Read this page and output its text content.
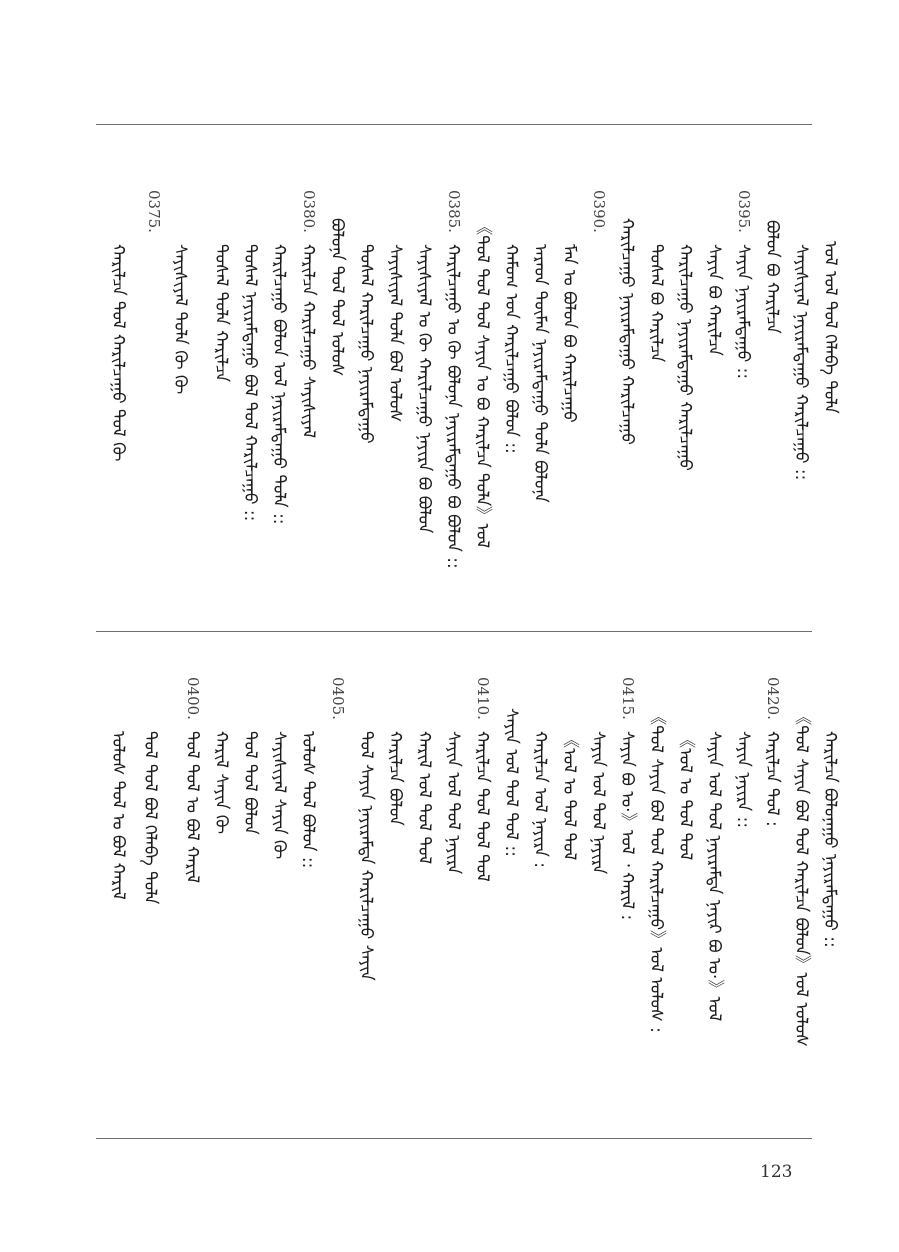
ᠤᠯ ᠤᠯ ᠲᠤᠯ ᠬᠡᠯᠡᠪᠡ ᠲᠤᠯᠠ
ᠰᠠᠶᠢᠰᠢᠶᠠᠯ ᠨᠠᠶᠢᠷᠠᠮᠳᠠᠭᠤ ᠬᠠᠷᠢᠯᠴᠠᠭᠤ ::
ᠪᠣᠯᠤᠨ ᠪᠣ ᠬᠠᠷᠢᠯᠴᠠ
ᠰᠠᠶᠢᠨ ᠨᠠᠶᠢᠷᠠᠮᠳᠠᠭᠤ ::
ᠰᠠᠶᠢᠨ ᠪᠣ ᠬᠠᠷᠢᠯᠴᠠ
ᠬᠠᠷᠢᠯᠴᠠᠭᠤ ᠨᠠᠶᠢᠷᠠᠮᠳᠠᠭᠤ ᠬᠠᠷᠢᠯᠴᠠᠭᠤ
ᠲᠤᠰᠠᠯ ᠪᠣ ᠬᠠᠷᠢᠯᠴᠠ
ᠬᠠᠷᠢᠯᠴᠠᠭᠤ ᠨᠠᠶᠢᠷᠠᠮᠳᠠᠭᠤ ᠬᠠᠷᠢᠯᠴᠠᠭᠤ
ᠮᠠᠨ ᠤ ᠪᠣᠯᠤᠨ ᠪᠣ ᠬᠠᠷᠢᠯᠴᠠᠭᠤ
ᠠᠷᠠᠳ ᠲᠦᠮᠡᠨ ᠨᠠᠶᠢᠷᠠᠮᠳᠠᠭᠤ ᠲᠤᠯᠠ ᠪᠣᠯᠤᠨᠠ
ᠬᠠᠮᠤᠭ ᠤᠨ ᠬᠠᠷᠢᠯᠴᠠᠭᠤ ᠪᠣᠯᠤᠨ ::
《ᠲᠤᠯ ᠲᠤᠯ ᠲᠤᠯ ᠰᠠᠶᠢᠨ ᠤ ᠪᠣ ᠬᠠᠷᠢᠯᠴᠠ ᠲᠤᠯᠠ》ᠤᠯ
ᠬᠠᠷᠢᠯᠴᠠᠭᠤ ᠤ ᠬᠦ ᠪᠣᠯᠤᠨᠠ ᠨᠠᠶᠢᠷᠠᠮᠳᠠᠭᠤ ᠪᠣ ᠪᠣᠯᠤᠨ ::
ᠰᠠᠶᠢᠰᠢᠶᠠᠯ ᠤ ᠬᠦ ᠬᠠᠷᠢᠯᠴᠠᠭᠤ ᠨᠠᠶᠢᠷᠠ ᠪᠣ ᠪᠣᠯᠤᠨ
ᠰᠠᠶᠢᠰᠢᠶᠠᠯ ᠲᠤᠯᠠ ᠪᠣᠯ ᠤᠯᠤᠰ
ᠲᠤᠰᠠᠯ ᠬᠠᠷᠢᠯᠴᠠᠭᠤ ᠨᠠᠶᠢᠷᠠᠮᠳᠠᠭᠤ
ᠪᠣᠯᠤᠨᠠ ᠲᠤᠯ ᠲᠤᠯ ᠤᠯᠤᠰ
ᠬᠠᠷᠢᠯᠴᠠ ᠬᠠᠷᠢᠯᠴᠠᠭᠤ ᠰᠠᠶᠢᠰᠢᠶᠠᠯ
ᠬᠠᠷᠢᠯᠴᠠᠭᠤ ᠪᠣᠯᠤᠨ ᠤᠯ ᠨᠠᠶᠢᠷᠠᠮᠳᠠᠭᠤ ᠲᠤᠯᠠ ::
ᠲᠤᠰᠠᠯ ᠨᠠᠶᠢᠷᠠᠮᠳᠠᠭᠤ ᠪᠣᠯ ᠲᠤᠯ ᠬᠠᠷᠢᠯᠴᠠᠭᠤ ::
ᠲᠤᠰᠠᠯ ᠲᠤᠯᠠ ᠬᠠᠷᠢᠯᠴᠠ
ᠰᠠᠶᠢᠰᠢᠶᠠᠯ ᠲᠤᠯᠠ ᠬᠦ ᠬᠦ
ᠬᠠᠷᠢᠯᠴᠠ ᠲᠤᠯ ᠬᠠᠷᠢᠯᠴᠠᠭᠤ ᠲᠤᠯ ᠬᠦ
0395.
0390.
0385.
0380.
0375.
ᠬᠠᠷᠢᠯᠴᠠ ᠪᠣᠯᠤᠨᠠᠭᠤ ᠨᠠᠶᠢᠷᠠᠮᠳᠠᠭᠤ ::
《ᠲᠤᠯ ᠰᠠᠶᠢᠨ ᠪᠣᠯ ᠲᠤᠯ ᠬᠠᠷᠢᠯᠴᠠ ᠪᠣᠯᠤᠨ》ᠤᠯ ᠤᠯᠤᠰ
ᠬᠠᠷᠢᠯᠴᠠ ᠲᠤᠯ :
ᠰᠠᠶᠢᠨ ᠨᠠᠶᠢᠷᠠ ::
ᠰᠠᠶᠢᠨ ᠤᠯ ᠲᠤᠯ ᠨᠠᠶᠢᠷᠠᠮᠳᠠ ᠨᠠᠶᠢᠷ ᠪᠣ ᠤ·》ᠤᠯ
《ᠤᠯ ᠤ ᠲᠤᠯ ᠲᠤᠯ
《ᠲᠤᠯ ᠰᠠᠶᠢᠨ ᠪᠣᠯ ᠲᠤᠯ ᠬᠠᠷᠢᠯᠴᠠᠭᠤ》ᠤᠯ ᠤᠯᠤᠰ :
ᠰᠠᠶᠢᠨ ᠪᠣ ᠤ·》ᠤᠯ ᠂ ᠬᠠᠷᠢᠯ :
ᠰᠠᠶᠢᠨ ᠤᠯ ᠲᠤᠯ ᠨᠠᠶᠢᠷᠠ
《ᠤᠯ ᠤ ᠲᠤᠯ ᠲᠤᠯ
ᠬᠠᠷᠢᠯᠴᠠ ᠤᠯ ᠨᠠᠶᠢᠷᠠ :
ᠰᠠᠶᠢᠨ ᠤᠯ ᠲᠤᠯ ᠲᠤᠯ ::
ᠬᠠᠷᠢᠯᠴᠠ ᠲᠤᠯ ᠲᠤᠯ ᠲᠤᠯ
ᠰᠠᠶᠢᠨ ᠤᠯ ᠲᠤᠯ ᠨᠠᠶᠢᠷᠠ
ᠬᠠᠷᠢᠯ ᠤᠯ ᠲᠤᠯ ᠲᠤᠯ
ᠬᠠᠷᠢᠯᠴᠠ ᠪᠣᠯᠤᠨ
ᠲᠤᠯ ᠰᠠᠶᠢᠨ ᠨᠠᠶᠢᠷᠠᠮᠳᠠ ᠬᠠᠷᠢᠯᠴᠠᠭᠤ ᠰᠠᠶᠢᠨ
ᠤᠯᠤᠰ ᠲᠤᠯ ᠪᠣᠯᠤᠨ ::
ᠰᠠᠶᠢᠰᠢᠶᠠᠯ ᠰᠠᠶᠢᠨ ᠬᠦ
ᠲᠤᠯ ᠲᠤᠯ ᠪᠣᠯᠤᠨ
ᠬᠠᠷᠢᠯ ᠰᠠᠶᠢᠨ ᠬᠦ
ᠲᠤᠯ ᠲᠤᠯ ᠤ ᠪᠣᠯ ᠬᠠᠷᠢᠯ
ᠲᠤᠯ ᠲᠤᠯ ᠪᠣᠯ ᠬᠡᠯᠡᠪᠡ ᠲᠤᠯᠠ
ᠤᠯᠤᠰ ᠲᠤᠯ ᠤ ᠪᠣᠯ ᠬᠠᠷᠢᠯ
0420.
0415.
0410.
0405.
0400.
123
